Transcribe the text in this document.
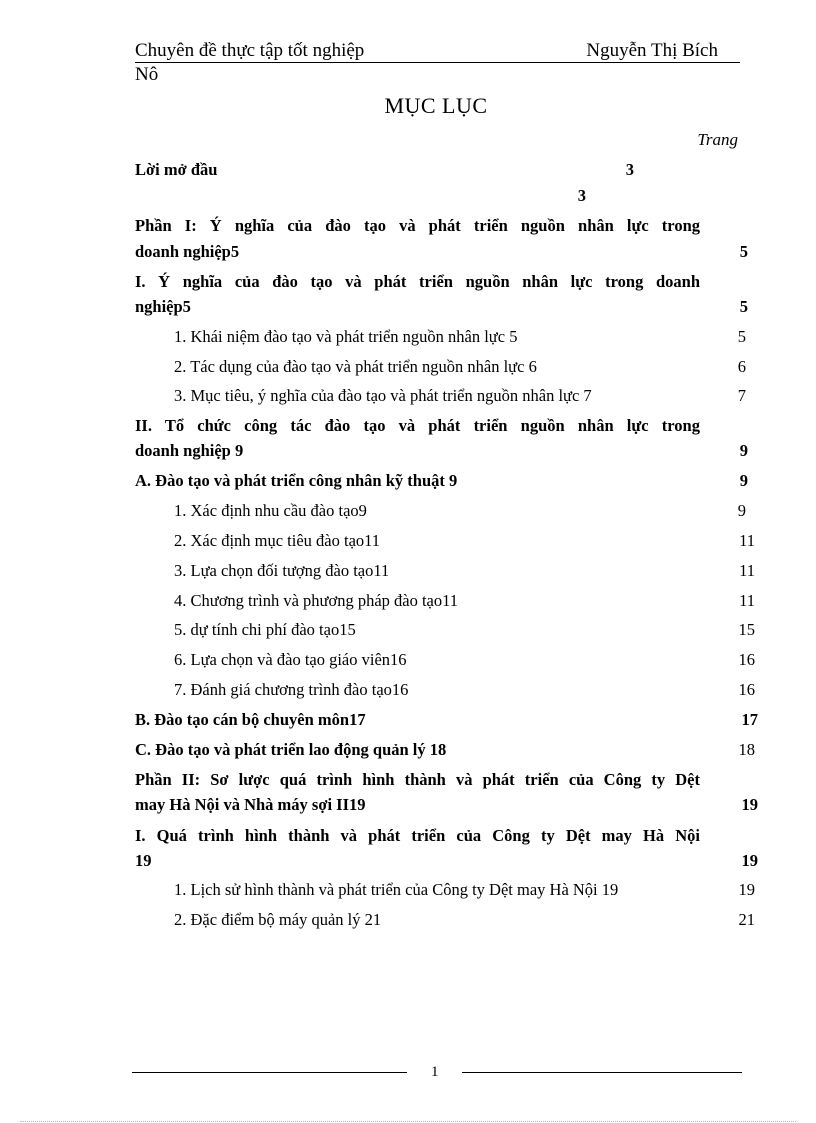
Chuyên đề thực tập tốt nghiệp	Nguyễn Thị Bích
Nô
MỤC LỤC
Trang
Lời mở đầu	3
3
Phần I: Ý nghĩa của đào tạo và phát triển nguồn nhân lực trong
doanh nghiệp5	5
I. Ý nghĩa của đào tạo và phát triển nguồn nhân lực trong doanh
nghiệp5	5
1. Khái niệm đào tạo và phát triển nguồn nhân lực 5	5
2. Tác dụng của đào tạo và phát triển nguồn nhân lực 6	6
3. Mục tiêu, ý nghĩa của đào tạo và phát triển nguồn nhân lực 7	7
II. Tổ chức công tác đào tạo và phát triển nguồn nhân lực trong
doanh nghiệp 9	9
A. Đào tạo và phát triển công nhân kỹ thuật 9	9
1. Xác định nhu cầu đào tạo9	9
2. Xác định mục tiêu đào tạo11	11
3. Lựa chọn đối tượng đào tạo11	11
4. Chương trình và phương pháp đào tạo11	11
5. dự tính chi phí đào tạo15	15
6. Lựa chọn và đào tạo giáo viên16	16
7. Đánh giá chương trình đào tạo16	16
B. Đào tạo cán bộ chuyên môn17	17
C. Đào tạo và phát triển lao động quản lý 18	18
Phần II: Sơ lược quá trình hình thành và phát triển của Công ty Dệt
may Hà Nội và Nhà máy sợi II19	19
I. Quá trình hình thành và phát triển của Công ty Dệt may Hà Nội
19	19
1. Lịch sử hình thành và phát triển của Công ty Dệt may Hà Nội 19	19
2. Đặc điểm bộ máy quản lý 21	21
1
